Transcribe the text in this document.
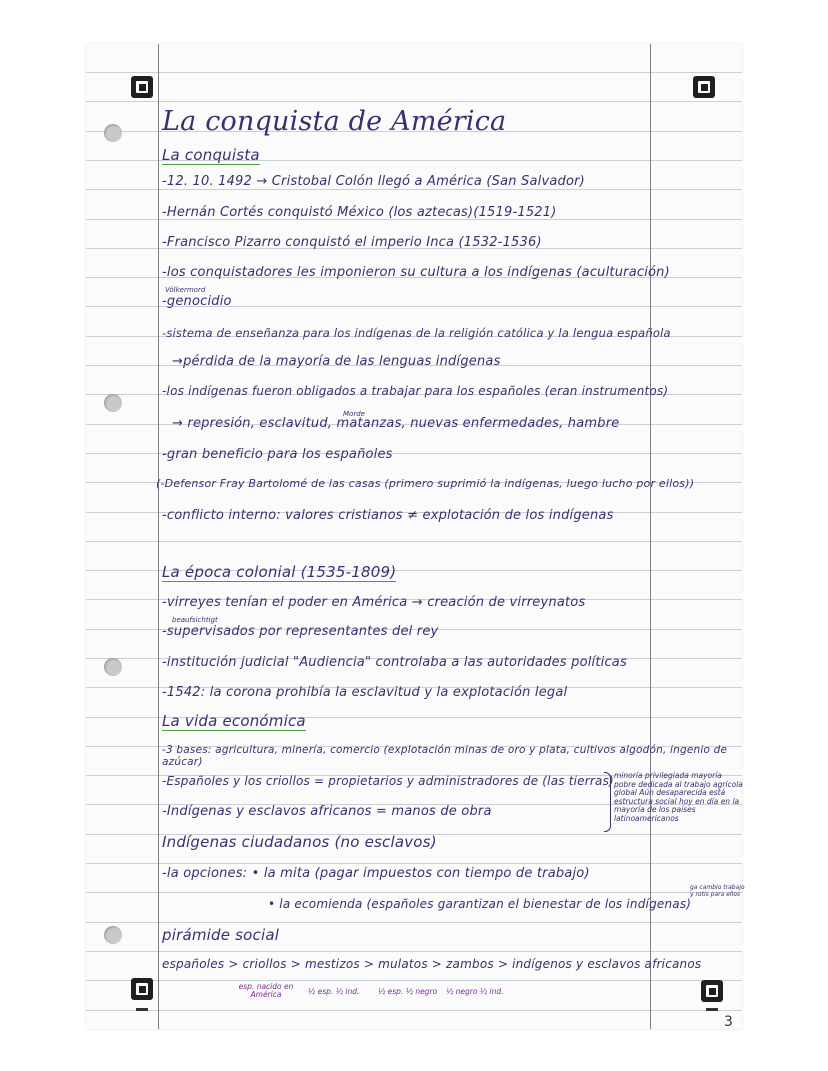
La conquista de América
La conquista
-12. 10. 1492 → Cristobal Colón llegó a América (San Salvador)
-Hernán Cortés conquistó México (los aztecas)(1519-1521)
-Francisco Pizarro conquistó el imperio Inca (1532-1536)
-los conquistadores les imponieron su cultura a los indígenas (aculturación)
Völkermord
-genocidio
-sistema de enseñanza para los indígenas de la religión católica y la lengua española
→pérdida de la mayoría de las lenguas indígenas
-los indígenas fueron obligados a trabajar para los españoles (eran instrumentos)
Morde
→ represión, esclavitud, matanzas, nuevas enfermedades, hambre
-gran beneficio para los españoles
(-Defensor Fray Bartolomé de las casas (primero suprimió la indígenas, luego lucho por ellos))
-conflicto interno: valores cristianos ≠ explotación de los indígenas
La época colonial (1535-1809)
-virreyes tenían el poder en América → creación de virreynatos
beaufsichtigt
-supervisados por representantes del rey
-institución judicial "Audiencia" controlaba a las autoridades políticas
-1542: la corona prohibía la esclavitud y la explotación legal
La vida económica
-3 bases: agricultura, minería, comercio (explotación minas de oro y plata, cultivos algodón, ingenio de azúcar)
-Españoles y los criollos = propietarios y administradores de (las tierras)
-Indígenas y esclavos africanos = manos de obra
minoría privilegiada mayoría pobre dedicada al trabajo agrícola global Aún desaparecida está estructura social hoy en día en la mayoría de los países latinoamericanos
Indígenas ciudadanos (no esclavos)
-la opciones: • la mita (pagar impuestos con tiempo de trabajo)
• la ecomienda (españoles garantizan el bienestar de los indígenas)
ga cambio trabajo y rotis para ellos
pirámide social
españoles > criollos > mestizos > mulatos > zambos > indígenos y esclavos africanos
esp. nacido en América	½ esp. ½ ind. ½ esp. ½ negro ½ negro ½ ind.
3
